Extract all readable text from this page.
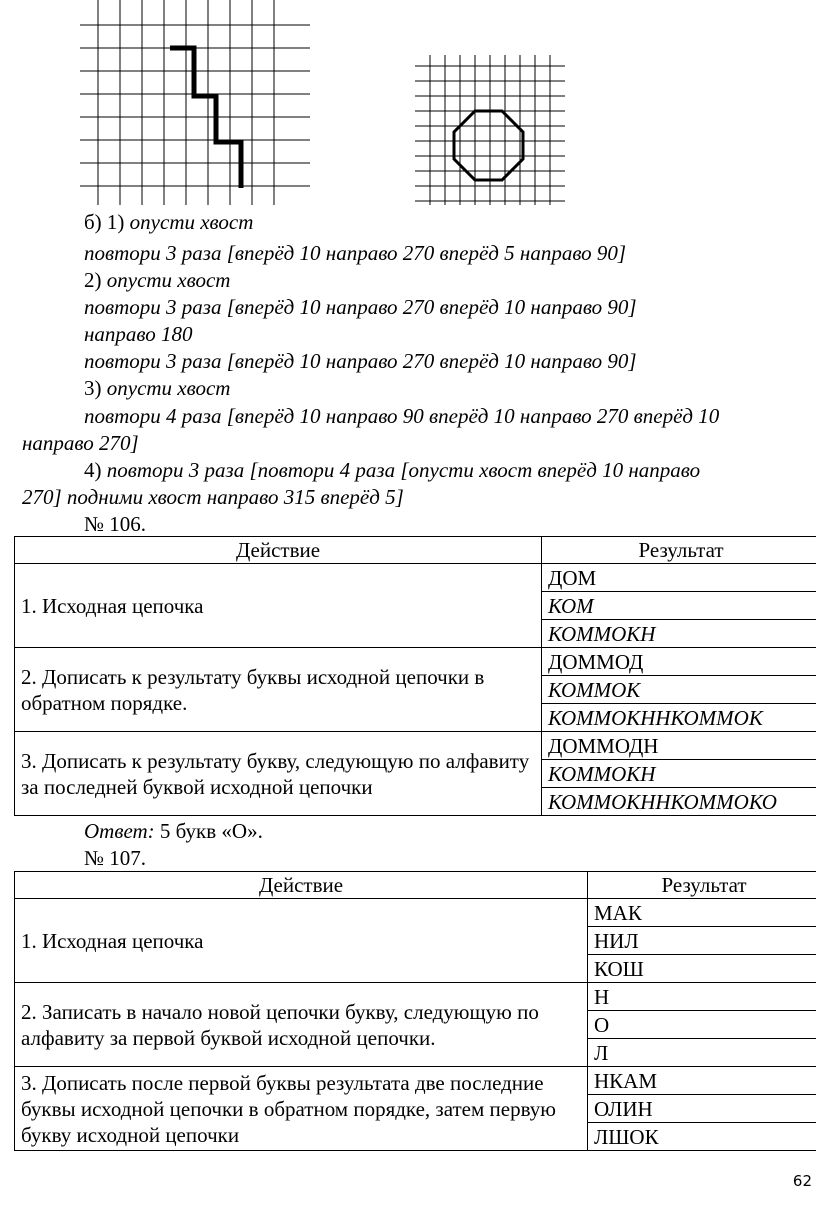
б) 1) опусти хвост
повтори 3 раза [вперёд 10 направо 270 вперёд 5 направо 90]
2) опусти хвост
повтори 3 раза [вперёд 10 направо 270 вперёд 10 направо 90]
направо 180
повтори 3 раза [вперёд 10 направо 270 вперёд 10 направо 90]
3) опусти хвост
повтори 4 раза [вперёд 10 направо 90 вперёд 10 направо 270 вперёд 10
направо 270]
4) повтори 3 раза [повтори 4 раза [опусти хвост вперёд 10 направо
270] подними хвост направо 315 вперёд 5]
№ 106.
Действие	Результат
1. Исходная цепочка	ДОМ
	КОМ
	КОММОКН
2. Дописать к результату буквы исходной цепочки в обратном порядке.	ДОММОД
	КОММОК
	КОММОКННКОММОК
3. Дописать к результату букву, следующую по алфавиту за последней буквой исходной цепочки	ДОММОДН
	КОММОКН
	КОММОКННКОММОКО
Ответ: 5 букв «О».
№ 107.
Действие	Результат
1. Исходная цепочка	МАК
	НИЛ
	КОШ
2. Записать в начало новой цепочки букву, следующую по алфавиту за первой буквой исходной цепочки.	Н
	О
	Л
3. Дописать после первой буквы результата две последние буквы исходной цепочки в обратном порядке, затем первую букву исходной цепочки	НКАМ
	ОЛИН
	ЛШОК
62
